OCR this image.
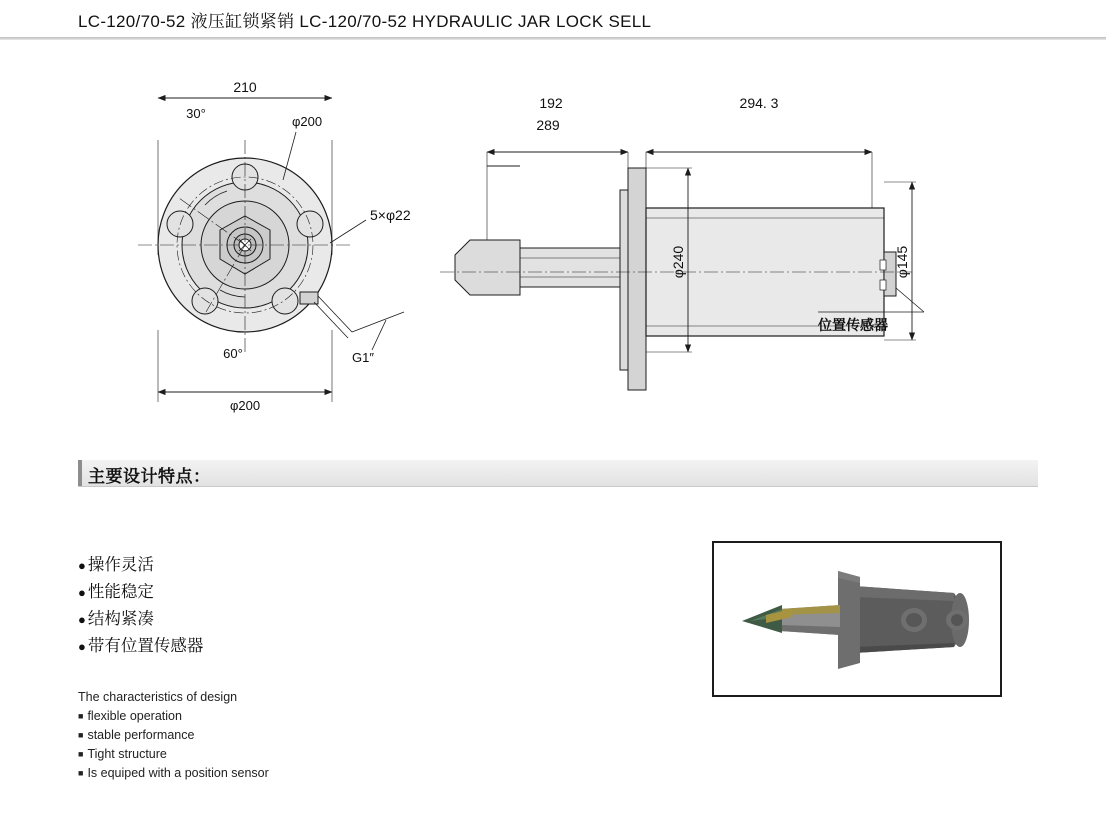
LC-120/70-52 液压缸锁紧销 LC-120/70-52 HYDRAULIC JAR LOCK SELL
210
30°
φ200
5×φ22
60°	G1″
φ200
192
289
294. 3
φ240	φ145
位置传感器
主要设计特点：
● 操作灵活
● 性能稳定
● 结构紧凑
● 带有位置传感器
The characteristics of design
■ flexible operation
■ stable performance
■ Tight structure
■ Is equiped with a position sensor
